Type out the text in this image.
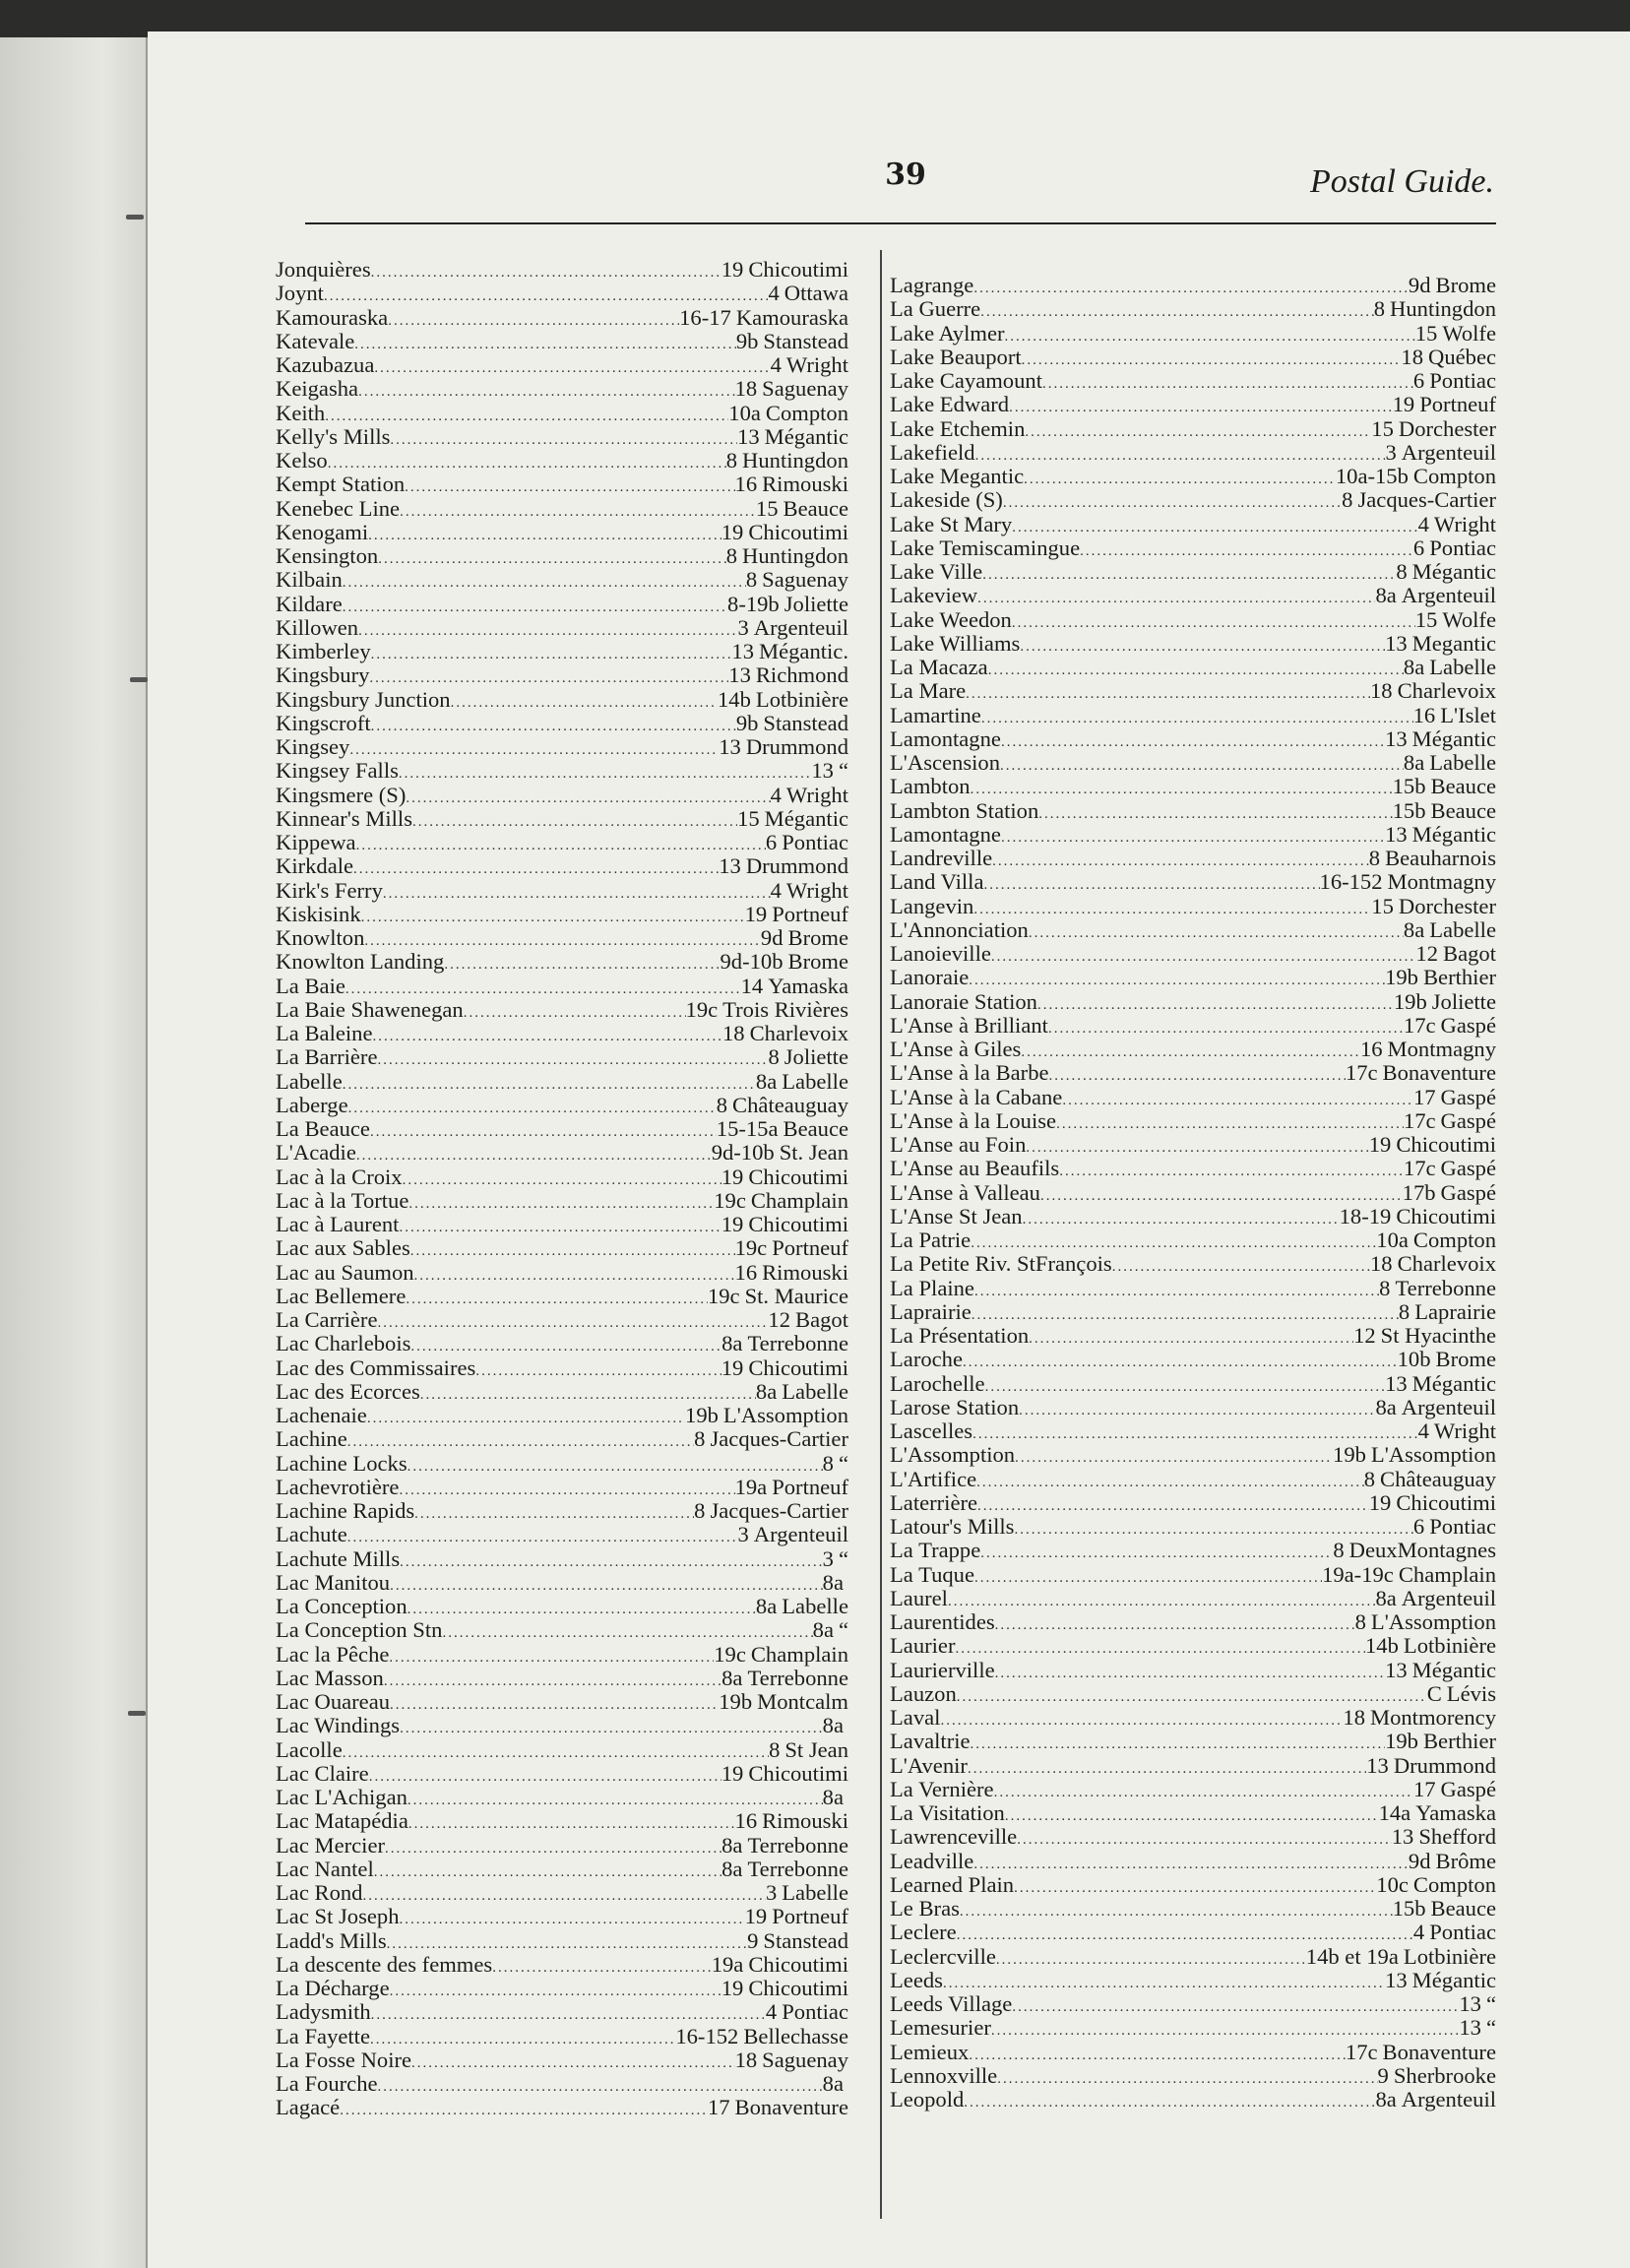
39	Postal Guide.
Jonquières .....	19 Chicoutimi
Joynt .....	4 Ottawa
Kamouraska .....	16-17 Kamouraska
Katevale .....	9b Stanstead
Kazubazua .....	4 Wright
Keigasha .....	18 Saguenay
Keith .....	10a Compton
Kelly's Mills .....	13 Mégantic
Kelso .....	8 Huntingdon
Kempt Station .....	16 Rimouski
Kenebec Line .....	15 Beauce
Kenogami .....	19 Chicoutimi
Kensington .....	8 Huntingdon
Kilbain .....	8 Saguenay
Kildare .....	8-19b Joliette
Killowen .....	3 Argenteuil
Kimberley .....	13 Mégantic.
Kingsbury .....	13 Richmond
Kingsbury Junction .....	14b Lotbinière
Kingscroft .....	9b Stanstead
Kingsey .....	13 Drummond
Kingsey Falls .....	13 “
Kingsmere (S) .....	4 Wright
Kinnear's Mills .....	15 Mégantic
Kippewa .....	6 Pontiac
Kirkdale .....	13 Drummond
Kirk's Ferry .....	4 Wright
Kiskisink .....	19 Portneuf
Knowlton .....	9d Brome
Knowlton Landing .....	9d-10b Brome
La Baie .....	14 Yamaska
La Baie Shawenegan .....	19c Trois Rivières
La Baleine .....	18 Charlevoix
La Barrière .....	8 Joliette
Labelle .....	8a Labelle
Laberge .....	8 Châteauguay
La Beauce .....	15-15a Beauce
L'Acadie .....	9d-10b St. Jean
Lac à la Croix .....	19 Chicoutimi
Lac à la Tortue .....	19c Champlain
Lac à Laurent .....	19 Chicoutimi
Lac aux Sables .....	19c Portneuf
Lac au Saumon .....	16 Rimouski
Lac Bellemere .....	19c St. Maurice
La Carrière .....	12 Bagot
Lac Charlebois .....	8a Terrebonne
Lac des Commissaires .....	19 Chicoutimi
Lac des Ecorces .....	8a Labelle
Lachenaie .....	19b L'Assomption
Lachine .....	8 Jacques-Cartier
Lachine Locks .....	8 “
Lachevrotière .....	19a Portneuf
Lachine Rapids .....	8 Jacques-Cartier
Lachute .....	3 Argenteuil
Lachute Mills .....	3 “
Lac Manitou .....	8a
La Conception .....	8a Labelle
La Conception Stn .....	8a “
Lac la Pêche .....	19c Champlain
Lac Masson .....	8a Terrebonne
Lac Ouareau .....	19b Montcalm
Lac Windings .....	8a
Lacolle .....	8 St Jean
Lac Claire .....	19 Chicoutimi
Lac L'Achigan .....	8a
Lac Matapédia .....	16 Rimouski
Lac Mercier .....	8a Terrebonne
Lac Nantel .....	8a Terrebonne
Lac Rond .....	3 Labelle
Lac St Joseph .....	19 Portneuf
Ladd's Mills .....	9 Stanstead
La descente des femmes .....	19a Chicoutimi
La Décharge .....	19 Chicoutimi
Ladysmith .....	4 Pontiac
La Fayette .....	16-152 Bellechasse
La Fosse Noire .....	18 Saguenay
La Fourche .....	8a
Lagacé .....	17 Bonaventure
Lagrange .....	9d Brome
La Guerre .....	8 Huntingdon
Lake Aylmer .....	15 Wolfe
Lake Beauport .....	18 Québec
Lake Cayamount .....	6 Pontiac
Lake Edward .....	19 Portneuf
Lake Etchemin .....	15 Dorchester
Lakefield .....	3 Argenteuil
Lake Megantic .....	10a-15b Compton
Lakeside (S) .....	8 Jacques-Cartier
Lake St Mary .....	4 Wright
Lake Temiscamingue .....	6 Pontiac
Lake Ville .....	8 Mégantic
Lakeview .....	8a Argenteuil
Lake Weedon .....	15 Wolfe
Lake Williams .....	13 Megantic
La Macaza .....	8a Labelle
La Mare .....	18 Charlevoix
Lamartine .....	16 L'Islet
Lamontagne .....	13 Mégantic
L'Ascension .....	8a Labelle
Lambton .....	15b Beauce
Lambton Station .....	15b Beauce
Lamontagne .....	13 Mégantic
Landreville .....	8 Beauharnois
Land Villa .....	16-152 Montmagny
Langevin .....	15 Dorchester
L'Annonciation .....	8a Labelle
Lanoieville .....	12 Bagot
Lanoraie .....	19b Berthier
Lanoraie Station .....	19b Joliette
L'Anse à Brilliant .....	17c Gaspé
L'Anse à Giles .....	16 Montmagny
L'Anse à la Barbe .....	17c Bonaventure
L'Anse à la Cabane .....	17 Gaspé
L'Anse à la Louise .....	17c Gaspé
L'Anse au Foin .....	19 Chicoutimi
L'Anse au Beaufils .....	17c Gaspé
L'Anse à Valleau .....	17b Gaspé
L'Anse St Jean .....	18-19 Chicoutimi
La Patrie .....	10a Compton
La Petite Riv. StFrançois .....	18 Charlevoix
La Plaine .....	8 Terrebonne
Laprairie .....	8 Laprairie
La Présentation .....	12 St Hyacinthe
Laroche .....	10b Brome
Larochelle .....	13 Mégantic
Larose Station .....	8a Argenteuil
Lascelles .....	4 Wright
L'Assomption .....	19b L'Assomption
L'Artifice .....	8 Châteauguay
Laterrière .....	19 Chicoutimi
Latour's Mills .....	6 Pontiac
La Trappe .....	8 DeuxMontagnes
La Tuque .....	19a-19c Champlain
Laurel .....	8a Argenteuil
Laurentides .....	8 L'Assomption
Laurier .....	14b Lotbinière
Laurierville .....	13 Mégantic
Lauzon .....	C Lévis
Laval .....	18 Montmorency
Lavaltrie .....	19b Berthier
L'Avenir .....	13 Drummond
La Vernière .....	17 Gaspé
La Visitation .....	14a Yamaska
Lawrenceville .....	13 Shefford
Leadville .....	9d Brôme
Learned Plain .....	10c Compton
Le Bras .....	15b Beauce
Leclere .....	4 Pontiac
Leclercville .....	14b et 19a Lotbinière
Leeds .....	13 Mégantic
Leeds Village .....	13 “
Lemesurier .....	13 “
Lemieux .....	17c Bonaventure
Lennoxville .....	9 Sherbrooke
Leopold .....	8a Argenteuil
